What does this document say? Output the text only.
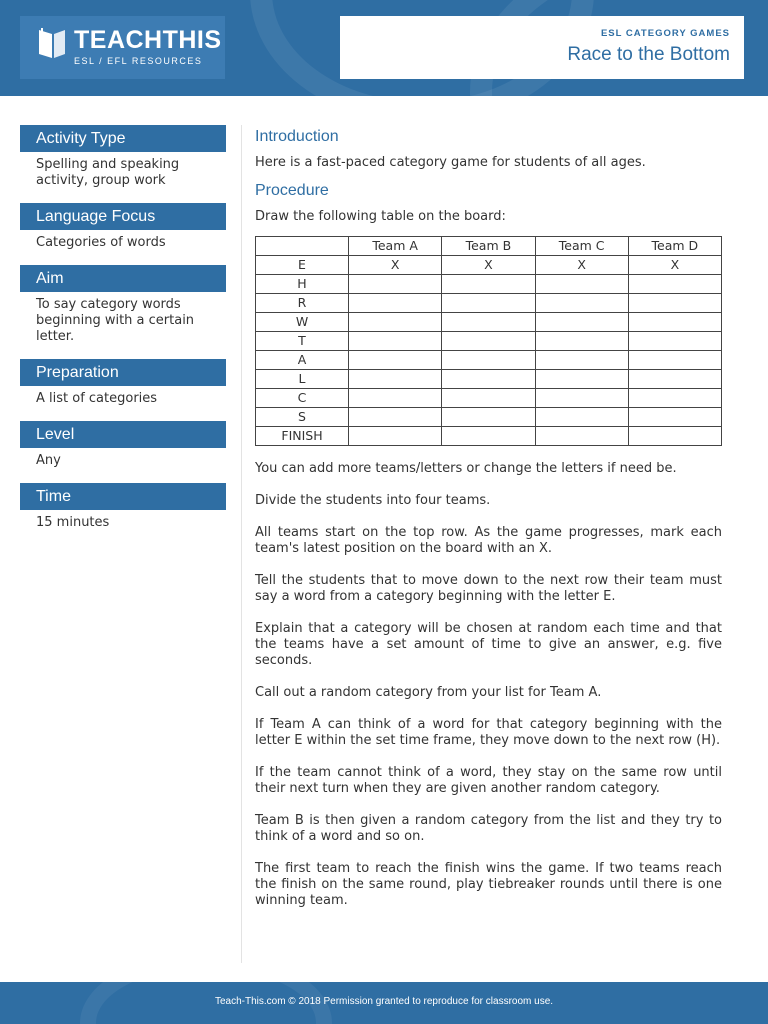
TEACHTHIS
ESL / EFL RESOURCES
ESL CATEGORY GAMES
Race to the Bottom
Activity Type
Spelling and speaking activity, group work
Language Focus
Categories of words
Aim
To say category words beginning with a certain letter.
Preparation
A list of categories
Level
Any
Time
15 minutes
Introduction

Here is a fast-paced category game for students of all ages.

Procedure

Draw the following table on the board:

	Team A	Team B	Team C	Team D
E	X	X	X	X
H				
R				
W				
T				
A				
L				
C				
S				
FINISH				

You can add more teams/letters or change the letters if need be.

Divide the students into four teams.

All teams start on the top row. As the game progresses, mark each team's latest position on the board with an X.

Tell the students that to move down to the next row their team must say a word from a category beginning with the letter E.

Explain that a category will be chosen at random each time and that the teams have a set amount of time to give an answer, e.g. five seconds.

Call out a random category from your list for Team A.

If Team A can think of a word for that category beginning with the letter E within the set time frame, they move down to the next row (H).

If the team cannot think of a word, they stay on the same row until their next turn when they are given another random category.

Team B is then given a random category from the list and they try to think of a word and so on.

The first team to reach the finish wins the game. If two teams reach the finish on the same round, play tiebreaker rounds until there is one winning team.

Teach-This.com © 2018 Permission granted to reproduce for classroom use.
